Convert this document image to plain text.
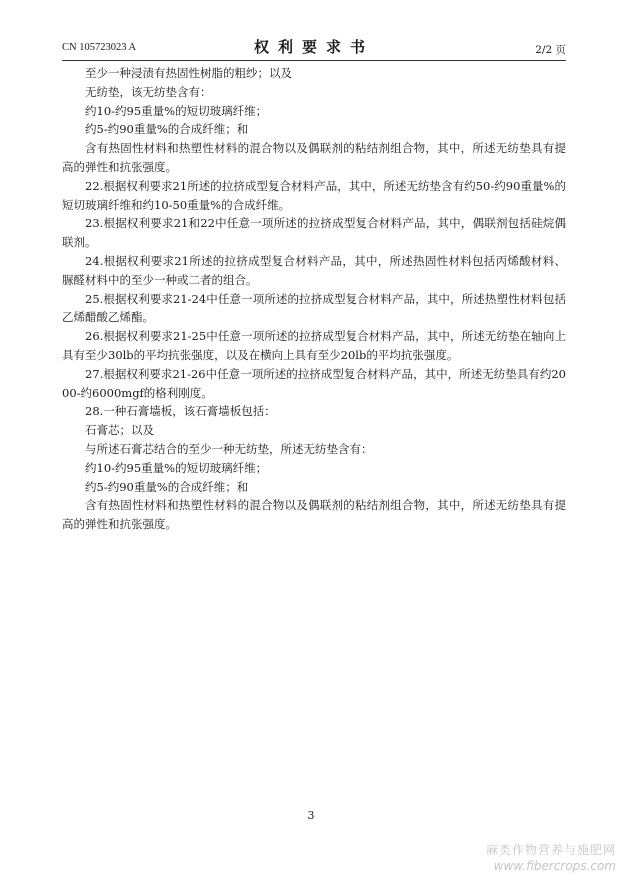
CN 105723023 A	权利要求书	2/2 页

至少一种浸渍有热固性树脂的粗纱；以及

无纺垫，该无纺垫含有：

约10-约95重量%的短切玻璃纤维；

约5-约90重量%的合成纤维；和

含有热固性材料和热塑性材料的混合物以及偶联剂的粘结剂组合物，其中，所述无纺垫具有提高的弹性和抗张强度。

22.根据权利要求21所述的拉挤成型复合材料产品，其中，所述无纺垫含有约50-约90重量%的短切玻璃纤维和约10-50重量%的合成纤维。

23.根据权利要求21和22中任意一项所述的拉挤成型复合材料产品，其中，偶联剂包括硅烷偶联剂。

24.根据权利要求21所述的拉挤成型复合材料产品，其中，所述热固性材料包括丙烯酸材料、脲醛材料中的至少一种或二者的组合。

25.根据权利要求21-24中任意一项所述的拉挤成型复合材料产品，其中，所述热塑性材料包括乙烯醋酸乙烯酯。

26.根据权利要求21-25中任意一项所述的拉挤成型复合材料产品，其中，所述无纺垫在轴向上具有至少30lb的平均抗张强度，以及在横向上具有至少20lb的平均抗张强度。

27.根据权利要求21-26中任意一项所述的拉挤成型复合材料产品，其中，所述无纺垫具有约2000-约6000mgf的格利刚度。

28.一种石膏墙板，该石膏墙板包括：

石膏芯；以及

与所述石膏芯结合的至少一种无纺垫，所述无纺垫含有：

约10-约95重量%的短切玻璃纤维；

约5-约90重量%的合成纤维；和

含有热固性材料和热塑性材料的混合物以及偶联剂的粘结剂组合物，其中，所述无纺垫具有提高的弹性和抗张强度。

3
麻类作物营养与施肥网
www.fibercrops.com
